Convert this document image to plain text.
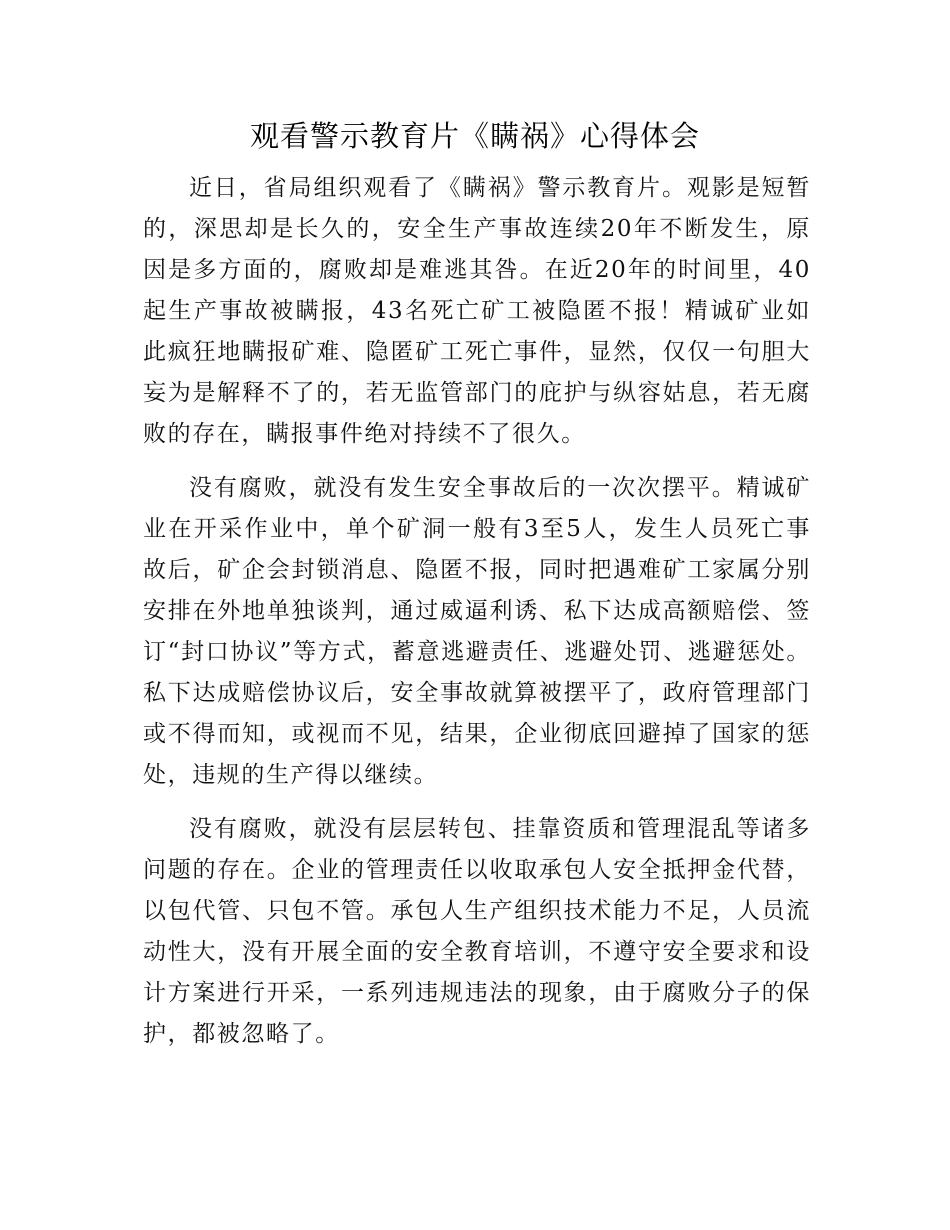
观看警示教育片《瞒祸》心得体会

近日，省局组织观看了《瞒祸》警示教育片。观影是短暂的，深思却是长久的，安全生产事故连续20年不断发生，原因是多方面的，腐败却是难逃其咎。在近20年的时间里，40起生产事故被瞒报，43名死亡矿工被隐匿不报！精诚矿业如此疯狂地瞒报矿难、隐匿矿工死亡事件，显然，仅仅一句胆大妄为是解释不了的，若无监管部门的庇护与纵容姑息，若无腐败的存在，瞒报事件绝对持续不了很久。

没有腐败，就没有发生安全事故后的一次次摆平。精诚矿业在开采作业中，单个矿洞一般有3至5人，发生人员死亡事故后，矿企会封锁消息、隐匿不报，同时把遇难矿工家属分别安排在外地单独谈判，通过威逼利诱、私下达成高额赔偿、签订“封口协议”等方式，蓄意逃避责任、逃避处罚、逃避惩处。私下达成赔偿协议后，安全事故就算被摆平了，政府管理部门或不得而知，或视而不见，结果，企业彻底回避掉了国家的惩处，违规的生产得以继续。

没有腐败，就没有层层转包、挂靠资质和管理混乱等诸多问题的存在。企业的管理责任以收取承包人安全抵押金代替，以包代管、只包不管。承包人生产组织技术能力不足，人员流动性大，没有开展全面的安全教育培训，不遵守安全要求和设计方案进行开采，一系列违规违法的现象，由于腐败分子的保护，都被忽略了。
